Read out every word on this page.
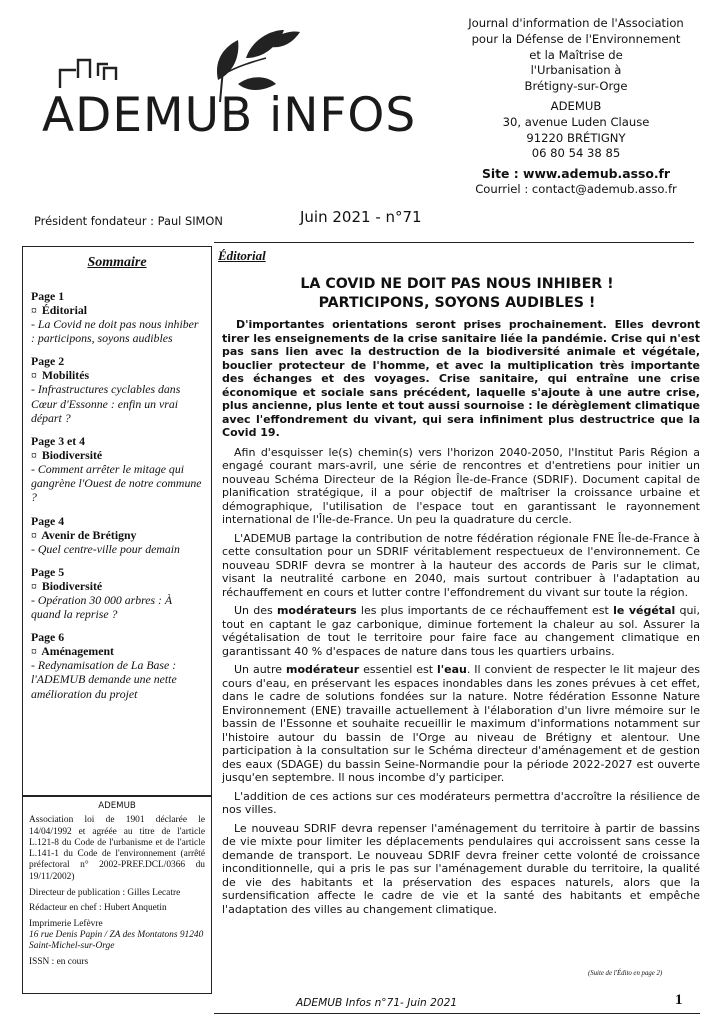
ADEMUB iNFOS
Journal d'information de l'Association
pour la Défense de l'Environnement
et la Maîtrise de
l'Urbanisation à
Brétigny-sur-Orge
ADEMUB
30, avenue Luden Clause
91220 BRÉTIGNY
06 80 54 38 85
Site : www.ademub.asso.fr
Courriel : contact@ademub.asso.fr
Président fondateur : Paul SIMON	Juin 2021 - n°71
Sommaire
Page 1
¤ Éditorial
- La Covid ne doit pas nous inhiber : participons, soyons audibles
Page 2
¤ Mobilités
- Infrastructures cyclables dans Cœur d'Essonne : enfin un vrai départ ?
Page 3 et 4
¤ Biodiversité
- Comment arrêter le mitage qui gangrène l'Ouest de notre commune ?
Page 4
¤ Avenir de Brétigny
- Quel centre-ville pour demain
Page 5
¤ Biodiversité
- Opération 30 000 arbres : À quand la reprise ?
Page 6
¤ Aménagement
- Redynamisation de La Base : l'ADEMUB demande une nette amélioration du projet
ADEMUB
Association loi de 1901 déclarée le 14/04/1992 et agréée au titre de l'article L.121-8 du Code de l'urbanisme et de l'article L.141-1 du Code de l'environnement (arrêté préfectoral n° 2002-PREF.DCL/0366 du 19/11/2002)
Directeur de publication : Gilles Lecatre
Rédacteur en chef : Hubert Anquetin
Imprimerie Lefèvre
16 rue Denis Papin / ZA des Montatons 91240 Saint-Michel-sur-Orge
ISSN : en cours
Éditorial
LA COVID NE DOIT PAS NOUS INHIBER !
PARTICIPONS, SOYONS AUDIBLES !

D'importantes orientations seront prises prochainement. Elles devront tirer les enseignements de la crise sanitaire liée la pandémie. Crise qui n'est pas sans lien avec la destruction de la biodiversité animale et végétale, bouclier protecteur de l'homme, et avec la multiplication très importante des échanges et des voyages. Crise sanitaire, qui entraîne une crise économique et sociale sans précédent, laquelle s'ajoute à une autre crise, plus ancienne, plus lente et tout aussi sournoise : le dérèglement climatique avec l'effondrement du vivant, qui sera infiniment plus destructrice que la Covid 19.

Afin d'esquisser le(s) chemin(s) vers l'horizon 2040-2050, l'Institut Paris Région a engagé courant mars-avril, une série de rencontres et d'entretiens pour initier un nouveau Schéma Directeur de la Région Île-de-France (SDRIF). Document capital de planification stratégique, il a pour objectif de maîtriser la croissance urbaine et démographique, l'utilisation de l'espace tout en garantissant le rayonnement international de l'Île-de-France. Un peu la quadrature du cercle.

L'ADEMUB partage la contribution de notre fédération régionale FNE Île-de-France à cette consultation pour un SDRIF véritablement respectueux de l'environnement. Ce nouveau SDRIF devra se montrer à la hauteur des accords de Paris sur le climat, visant la neutralité carbone en 2040, mais surtout contribuer à l'adaptation au réchauffement en cours et lutter contre l'effondrement du vivant sur toute la région.

Un des modérateurs les plus importants de ce réchauffement est le végétal qui, tout en captant le gaz carbonique, diminue fortement la chaleur au sol. Assurer la végétalisation de tout le territoire pour faire face au changement climatique en garantissant 40 % d'espaces de nature dans tous les quartiers urbains.

Un autre modérateur essentiel est l'eau. Il convient de respecter le lit majeur des cours d'eau, en préservant les espaces inondables dans les zones prévues à cet effet, dans le cadre de solutions fondées sur la nature. Notre fédération Essonne Nature Environnement (ENE) travaille actuellement à l'élaboration d'un livre mémoire sur le bassin de l'Essonne et souhaite recueillir le maximum d'informations notamment sur l'histoire autour du bassin de l'Orge au niveau de Brétigny et alentour. Une participation à la consultation sur le Schéma directeur d'aménagement et de gestion des eaux (SDAGE) du bassin Seine-Normandie pour la période 2022-2027 est ouverte jusqu'en septembre. Il nous incombe d'y participer.

L'addition de ces actions sur ces modérateurs permettra d'accroître la résilience de nos villes.

Le nouveau SDRIF devra repenser l'aménagement du territoire à partir de bassins de vie mixte pour limiter les déplacements pendulaires qui accroissent sans cesse la demande de transport. Le nouveau SDRIF devra freiner cette volonté de croissance inconditionnelle, qui a pris le pas sur l'aménagement durable du territoire, la qualité de vie des habitants et la préservation des espaces naturels, alors que la surdensification affecte le cadre de vie et la santé des habitants et empêche l'adaptation des villes au changement climatique.

(Suite de l'Édito en page 2)
ADEMUB Infos n°71- Juin 2021	1
